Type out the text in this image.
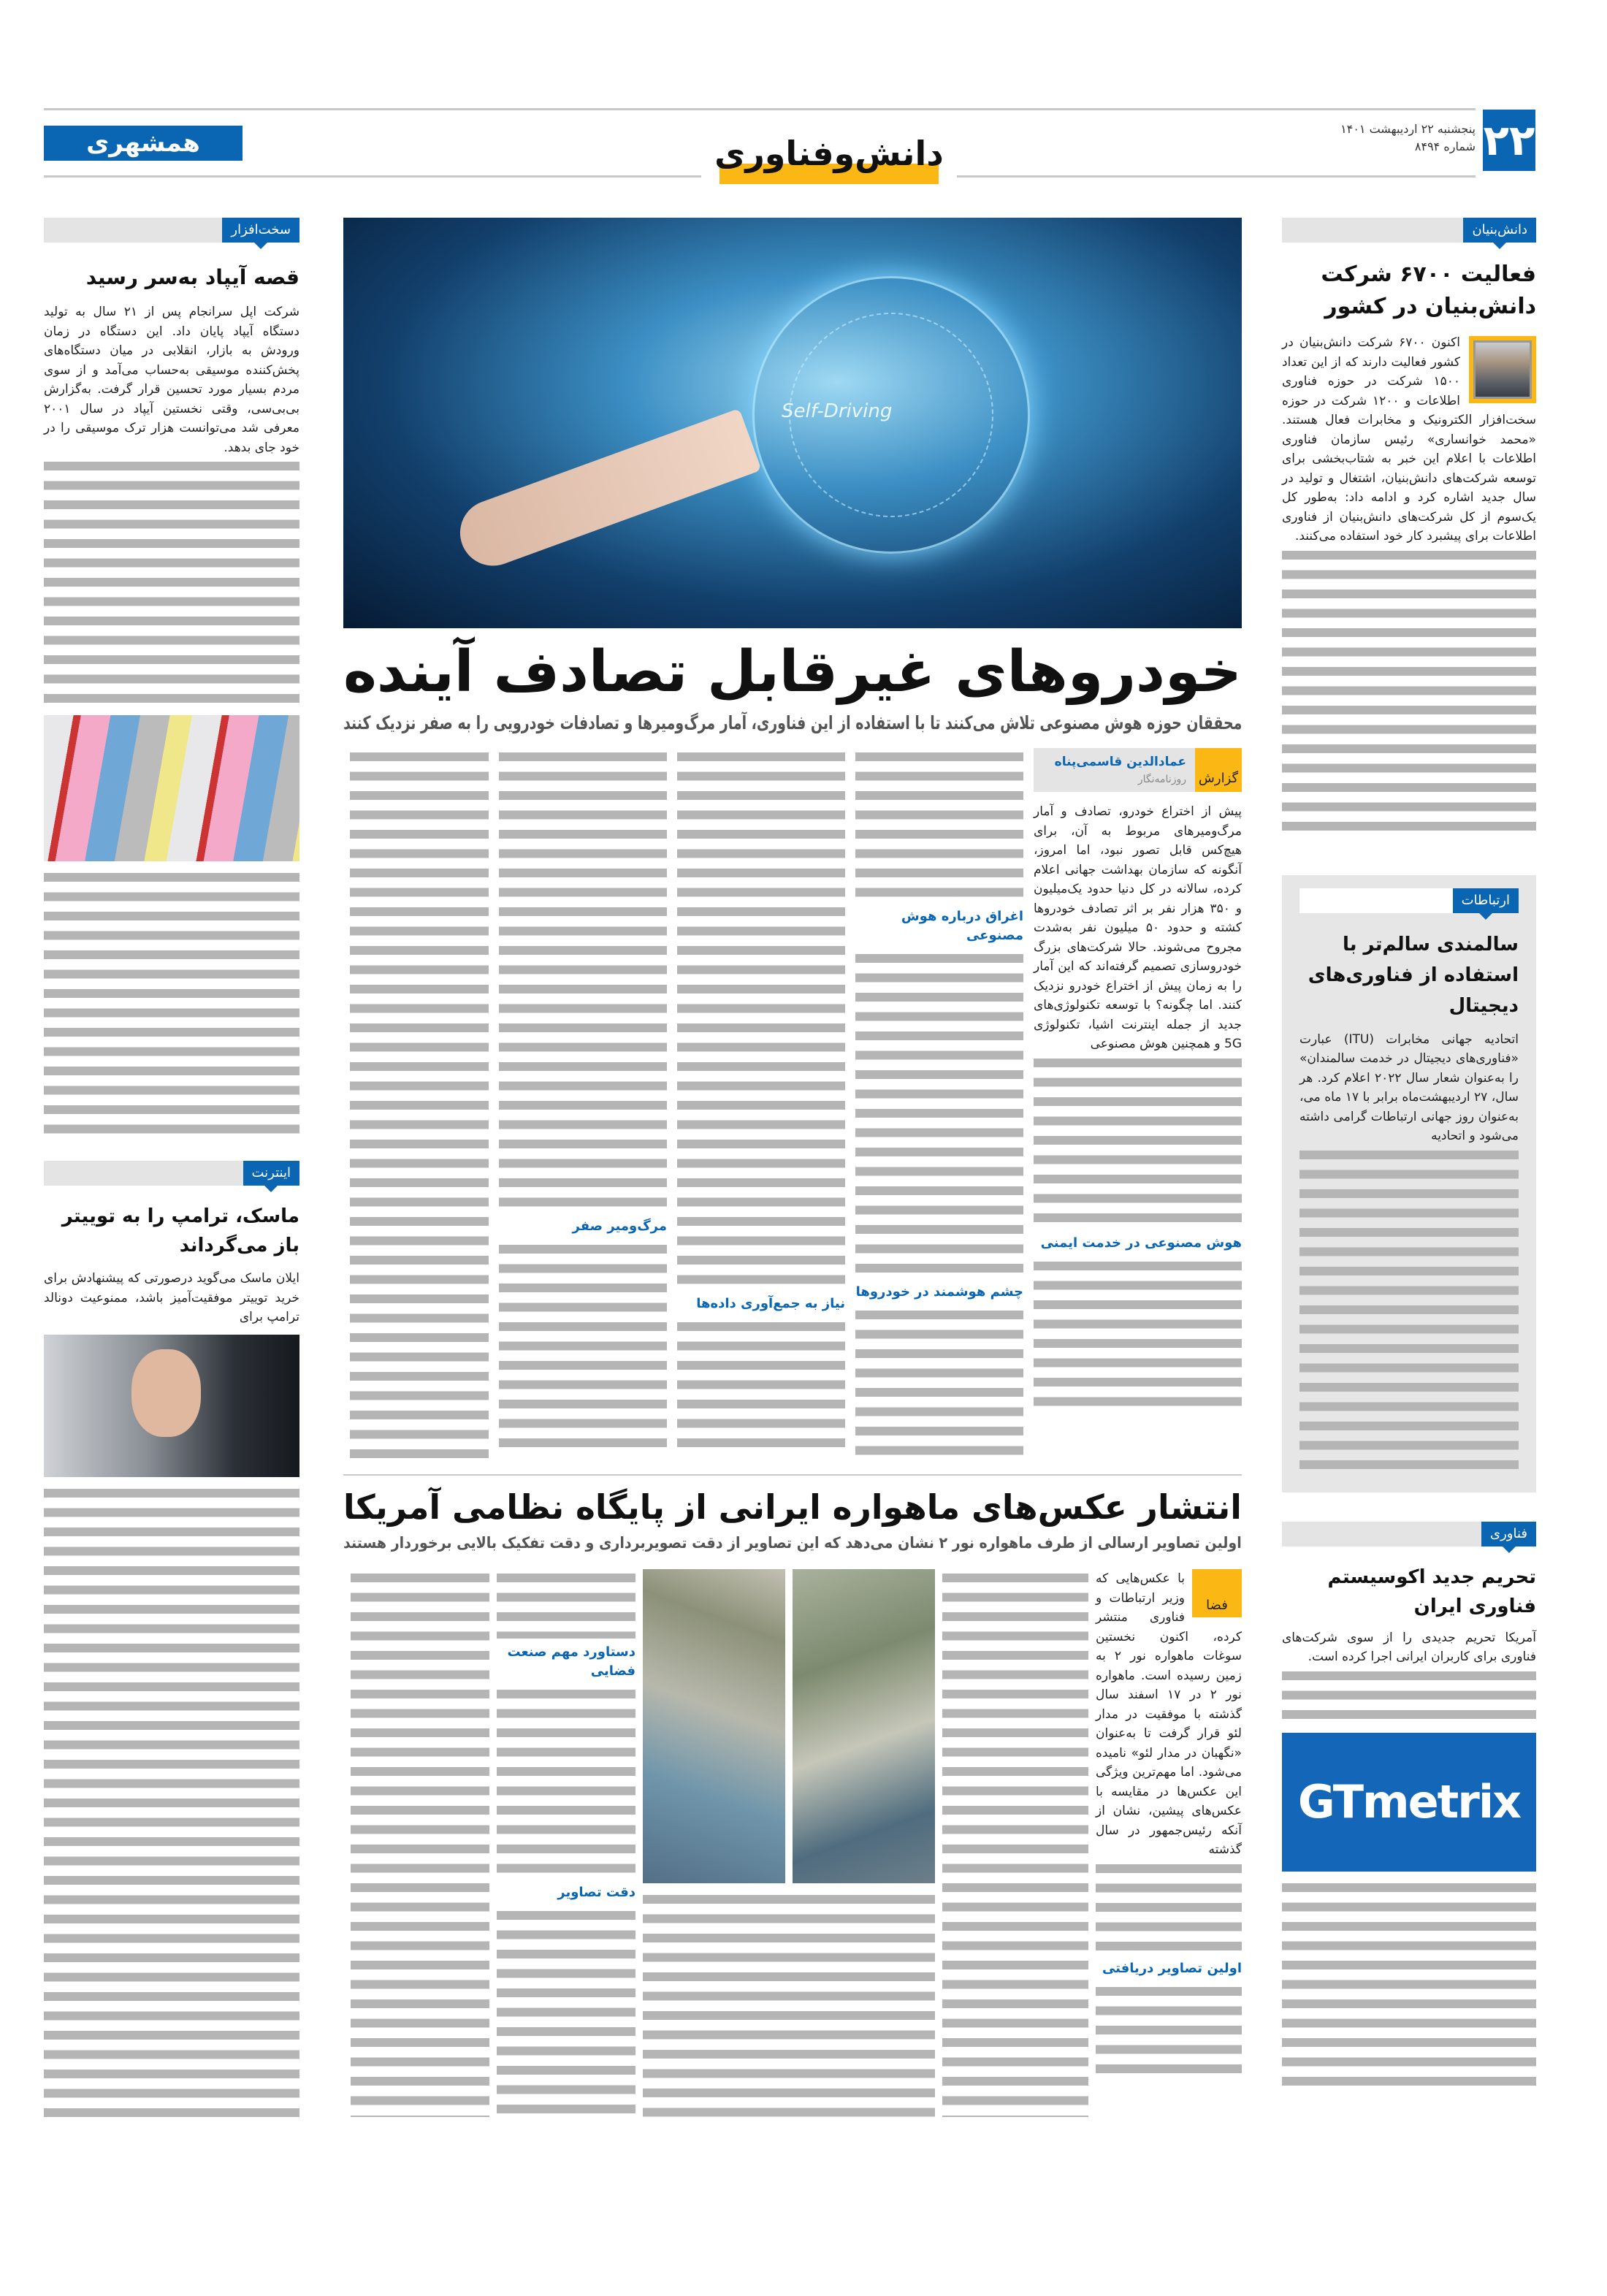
۲۲
پنجشنبه ۲۲ اردیبهشت ۱۴۰۱
شماره ۸۴۹۴
همشهری	دانش‌وفناوری
دانش‌بنیان
فعالیت ۶۷۰۰ شرکت دانش‌بنیان در کشور
اکنون ۶۷۰۰ شرکت دانش‌بنیان در کشور فعالیت دارند که از این تعداد ۱۵۰۰ شرکت در حوزه فناوری اطلاعات و ۱۲۰۰ شرکت در حوزه سخت‌افزار الکترونیک و مخابرات فعال هستند. «محمد خوانساری» رئیس سازمان فناوری اطلاعات با اعلام این خبر به شتاب‌بخشی برای توسعه شرکت‌های دانش‌بنیان، اشتغال و تولید در سال جدید اشاره کرد و ادامه داد: به‌طور کل یک‌سوم از کل شرکت‌های دانش‌بنیان از فناوری اطلاعات برای پیشبرد کار خود استفاده می‌کنند.
ارتباطات
سالمندی سالم‌تر با استفاده از فناوری‌های دیجیتال
اتحادیه جهانی مخابرات (ITU) عبارت «فناوری‌های دیجیتال در خدمت سالمندان» را به‌عنوان شعار سال ۲۰۲۲ اعلام کرد. هر سال، ۲۷ اردیبهشت‌ماه برابر با ۱۷ ماه می، به‌عنوان روز جهانی ارتباطات گرامی داشته می‌شود و اتحادیه
فناوری
تحریم جدید اکوسیستم فناوری ایران
آمریکا تحریم جدیدی را از سوی شرکت‌های فناوری برای کاربران ایرانی اجرا کرده است.
GTmetrix
Self-Driving
خودروهای غیرقابل تصادف آینده
محققان حوزه هوش مصنوعی تلاش می‌کنند تا با استفاده از این فناوری، آمار مرگ‌ومیرها و تصادفات خودرویی را به صفر نزدیک کنند
گزارش
عمادالدین قاسمی‌پناه
روزنامه‌نگار
پیش از اختراع خودرو، تصادف و آمار مرگ‌ومیرهای مربوط به آن، برای هیچ‌کس قابل تصور نبود، اما امروز، آنگونه که سازمان بهداشت جهانی اعلام کرده، سالانه در کل دنیا حدود یک‌میلیون و ۳۵۰ هزار نفر بر اثر تصادف خودروها کشته و حدود ۵۰ میلیون نفر به‌شدت مجروح می‌شوند. حالا شرکت‌های بزرگ خودروسازی تصمیم گرفته‌اند که این آمار را به زمان پیش از اختراع خودرو نزدیک کنند. اما چگونه؟ با توسعه تکنولوژی‌های جدید از جمله اینترنت اشیا، تکنولوژی 5G و همچنین هوش مصنوعی
هوش مصنوعی در خدمت ایمنی
اغراق درباره هوش مصنوعی
چشم هوشمند در خودروها
نیاز به جمع‌آوری داده‌ها
مرگ‌ومیر صفر
انتشار عکس‌های ماهواره ایرانی از پایگاه نظامی آمریکا
اولین تصاویر ارسالی از طرف ماهواره نور ۲ نشان می‌دهد که این تصاویر از دقت تصویربرداری و دقت تفکیک بالایی برخوردار هستند
فضا
با عکس‌هایی که وزیر ارتباطات و فناوری منتشر کرده، اکنون نخستین سوغات ماهواره نور ۲ به زمین رسیده است. ماهواره نور ۲ در ۱۷ اسفند سال گذشته با موفقیت در مدار لئو قرار گرفت تا به‌عنوان «نگهبان در مدار لئو» نامیده می‌شود. اما مهم‌ترین ویژگی این عکس‌ها در مقایسه با عکس‌های پیشین، نشان از آنکه رئیس‌جمهور در سال گذشته
اولین تصاویر دریافتی
دستاورد مهم صنعت فضایی
دقت تصاویر
سخت‌افزار
قصه آیپاد به‌سر رسید
شرکت اپل سرانجام پس از ۲۱ سال به تولید دستگاه آیپاد پایان داد. این دستگاه در زمان ورودش به بازار، انقلابی در میان دستگاه‌های پخش‌کننده موسیقی به‌حساب می‌آمد و از سوی مردم بسیار مورد تحسین قرار گرفت. به‌گزارش بی‌بی‌سی، وقتی نخستین آیپاد در سال ۲۰۰۱ معرفی شد می‌توانست هزار ترک موسیقی را در خود جای بدهد.
اینترنت
ماسک، ترامپ را به توییتر باز می‌گرداند
ایلان ماسک می‌گوید درصورتی که پیشنهادش برای خرید توییتر موفقیت‌آمیز باشد، ممنوعیت دونالد ترامپ برای
